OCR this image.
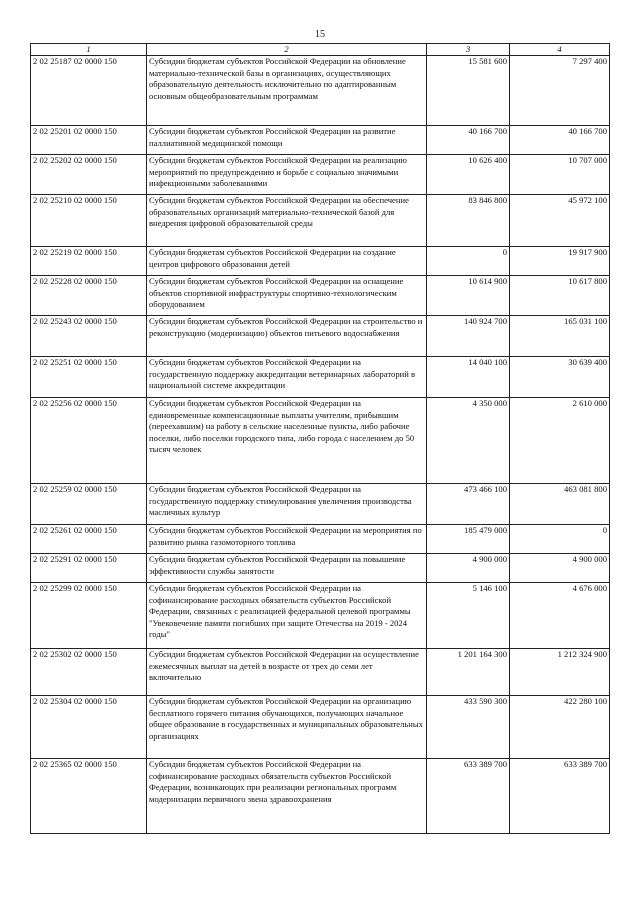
15
1	2	3	4
2 02 25187 02 0000 150	Субсидии бюджетам субъектов Российской Федерации на обновление материально-технической базы в организациях, осуществляющих образовательную деятельность исключительно по адаптированным основным общеобразовательным программам	15 581 600	7 297 400
2 02 25201 02 0000 150	Субсидии бюджетам субъектов Российской Федерации на развитие паллиативной медицинской помощи	40 166 700	40 166 700
2 02 25202 02 0000 150	Субсидии бюджетам субъектов Российской Федерации на реализацию мероприятий по предупреждению и борьбе с социально значимыми инфекционными заболеваниями	10 626 400	10 707 000
2 02 25210 02 0000 150	Субсидии бюджетам субъектов Российской Федерации на обеспечение образовательных организаций материально-технической базой для внедрения цифровой образовательной среды	83 846 800	45 972 100
2 02 25219 02 0000 150	Субсидии бюджетам субъектов Российской Федерации на создание центров цифрового образования детей	0	19 917 900
2 02 25228 02 0000 150	Субсидии бюджетам субъектов Российской Федерации на оснащение объектов спортивной инфраструктуры спортивно-технологическим оборудованием	10 614 900	10 617 800
2 02 25243 02 0000 150	Субсидии бюджетам субъектов Российской Федерации на строительство и реконструкцию (модернизацию) объектов питьевого водоснабжения	140 924 700	165 031 100
2 02 25251 02 0000 150	Субсидии бюджетам субъектов Российской Федерации на государственную поддержку аккредитации ветеринарных лабораторий в национальной системе аккредитации	14 040 100	30 639 400
2 02 25256 02 0000 150	Субсидии бюджетам субъектов Российской Федерации на единовременные компенсационные выплаты учителям, прибывшим (переехавшим) на работу в сельские населенные пункты, либо рабочие поселки, либо поселки городского типа, либо города с населением до 50 тысяч человек	4 350 000	2 610 000
2 02 25259 02 0000 150	Субсидии бюджетам субъектов Российской Федерации на государственную поддержку стимулирования увеличения производства масличных культур	473 466 100	463 081 800
2 02 25261 02 0000 150	Субсидии бюджетам субъектов Российской Федерации на мероприятия по развитию рынка газомоторного топлива	185 479 000	0
2 02 25291 02 0000 150	Субсидии бюджетам субъектов Российской Федерации на повышение эффективности службы занятости	4 900 000	4 900 000
2 02 25299 02 0000 150	Субсидии бюджетам субъектов Российской Федерации на софинансирование расходных обязательств субъектов Российской Федерации, связанных с реализацией федеральной целевой программы "Увековечение памяти погибших при защите Отечества на 2019 - 2024 годы"	5 146 100	4 676 000
2 02 25302 02 0000 150	Субсидии бюджетам субъектов Российской Федерации на осуществление ежемесячных выплат на детей в возрасте от трех до семи лет включительно	1 201 164 300	1 212 324 900
2 02 25304 02 0000 150	Субсидии бюджетам субъектов Российской Федерации на организацию бесплатного горячего питания обучающихся, получающих начальное общее образование в государственных и муниципальных образовательных организациях	433 590 300	422 280 100
2 02 25365 02 0000 150	Субсидии бюджетам субъектов Российской Федерации на софинансирование расходных обязательств субъектов Российской Федерации, возникающих при реализации региональных программ модернизации первичного звена здравоохранения	633 389 700	633 389 700
